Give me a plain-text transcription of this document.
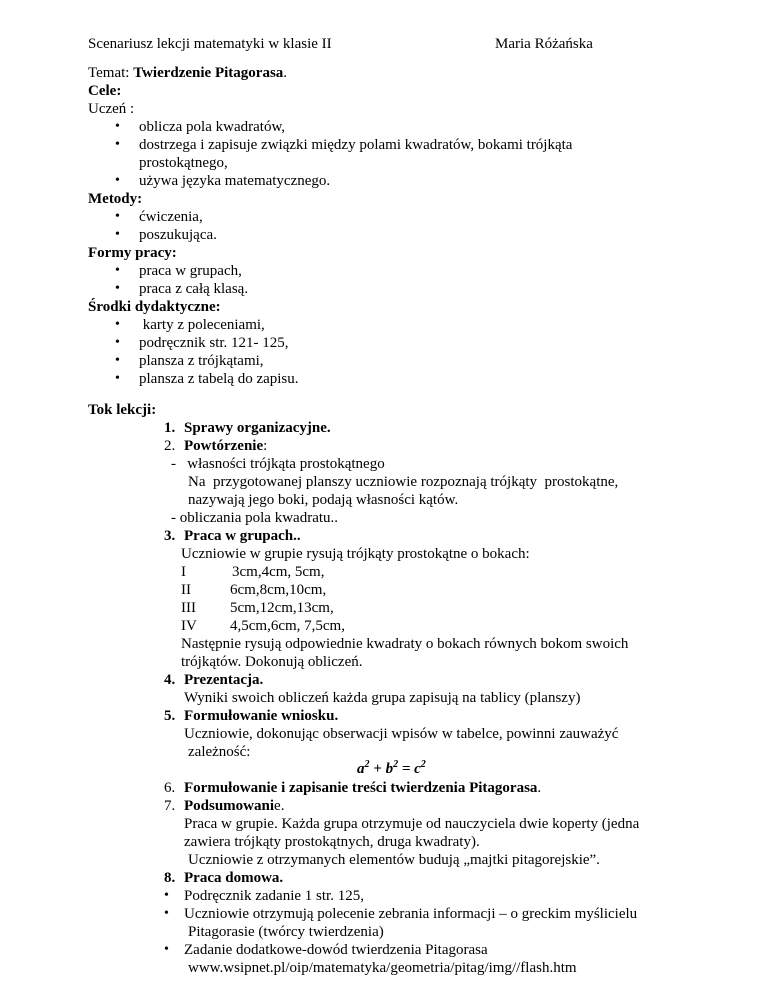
Scenariusz lekcji matematyki w klasie II	Maria Różańska
Temat: Twierdzenie Pitagorasa.
Cele:
Uczeń :
• oblicza pola kwadratów,
• dostrzega i zapisuje związki między polami kwadratów, bokami trójkąta
prostokątnego,
• używa języka matematycznego.
Metody:
• ćwiczenia,
• poszukująca.
Formy pracy:
• praca w grupach,
• praca z całą klasą.
Środki dydaktyczne:
• karty z poleceniami,
• podręcznik str. 121- 125,
• plansza z trójkątami,
• plansza z tabelą do zapisu.
Tok lekcji:
1. Sprawy organizacyjne.
2. Powtórzenie:
-   własności trójkąta prostokątnego
Na  przygotowanej planszy uczniowie rozpoznają trójkąty  prostokątne,
nazywają jego boki, podają własności kątów.
- obliczania pola kwadratu..
3. Praca w grupach..
Uczniowie w grupie rysują trójkąty prostokątne o bokach:
I	3cm,4cm, 5cm,
II	6cm,8cm,10cm,
III 5cm,12cm,13cm,
IV 4,5cm,6cm, 7,5cm,
Następnie rysują odpowiednie kwadraty o bokach równych bokom swoich
trójkątów. Dokonują obliczeń.
4. Prezentacja.
Wyniki swoich obliczeń każda grupa zapisują na tablicy (planszy)
5. Formułowanie wniosku.
Uczniowie, dokonując obserwacji wpisów w tabelce, powinni zauważyć
zależność:
$a^2 + b^2 = c^2$
6. Formułowanie i zapisanie treści twierdzenia Pitagorasa.
7. Podsumowanie.
Praca w grupie. Każda grupa otrzymuje od nauczyciela dwie koperty (jedna
zawiera trójkąty prostokątnych, druga kwadraty).
Uczniowie z otrzymanych elementów budują „majtki pitagorejskie”.
8. Praca domowa.
• Podręcznik zadanie 1 str. 125,
• Uczniowie otrzymują polecenie zebrania informacji – o greckim myślicielu
Pitagorasie (twórcy twierdzenia)
• Zadanie dodatkowe-dowód twierdzenia Pitagorasa
www.wsipnet.pl/oip/matematyka/geometria/pitag/img//flash.htm
